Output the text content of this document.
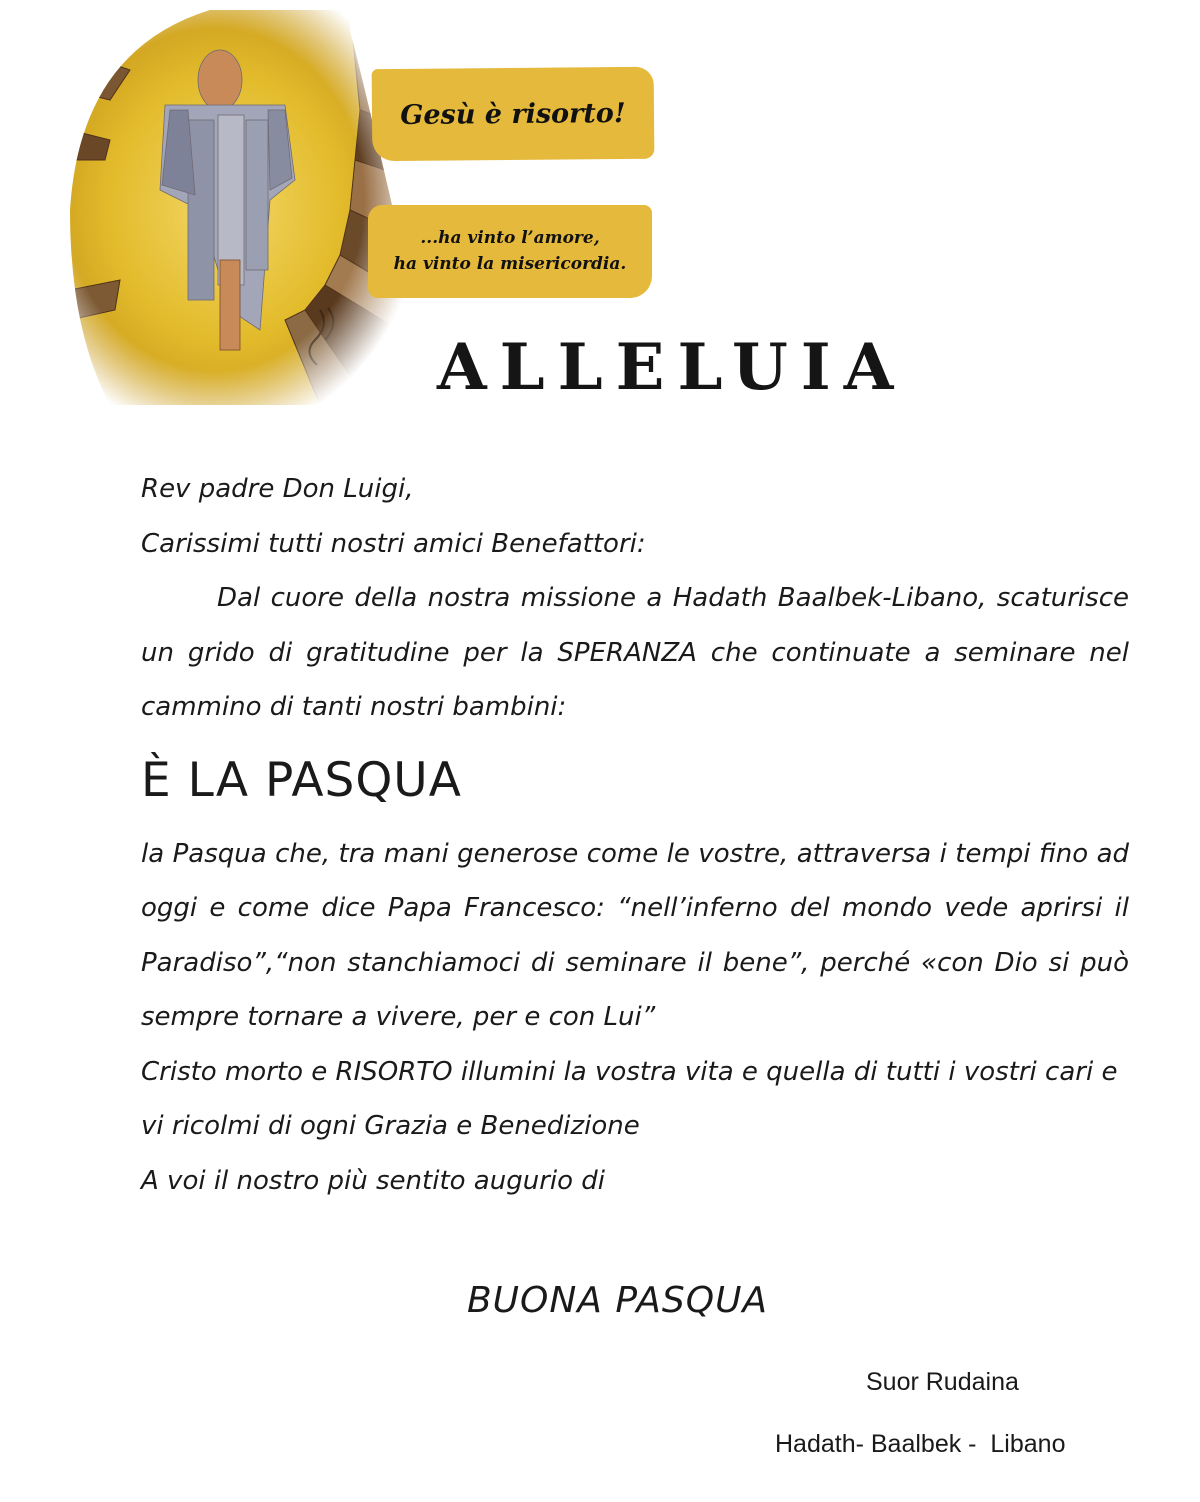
Gesù è risorto!
...ha vinto l’amore,
ha vinto la misericordia.
ALLELUIA

Rev padre Don Luigi,

Carissimi tutti nostri amici Benefattori:

Dal cuore della nostra missione a Hadath Baalbek-Libano, scaturisce un grido di gratitudine per la SPERANZA che continuate a seminare nel cammino di tanti nostri bambini:

È LA PASQUA

la Pasqua che, tra mani generose come le vostre, attraversa i tempi fino ad oggi e come dice Papa Francesco: “nell’inferno del mondo vede aprirsi il Paradiso”,“non stanchiamoci di seminare il bene”, perché «con Dio si può sempre tornare a vivere, per e con Lui”

Cristo morto e RISORTO illumini la vostra vita e quella di tutti i vostri cari e vi ricolmi di ogni Grazia e Benedizione

A voi il nostro più sentito augurio di

BUONA PASQUA

Suor Rudaina

Hadath- Baalbek -  Libano
